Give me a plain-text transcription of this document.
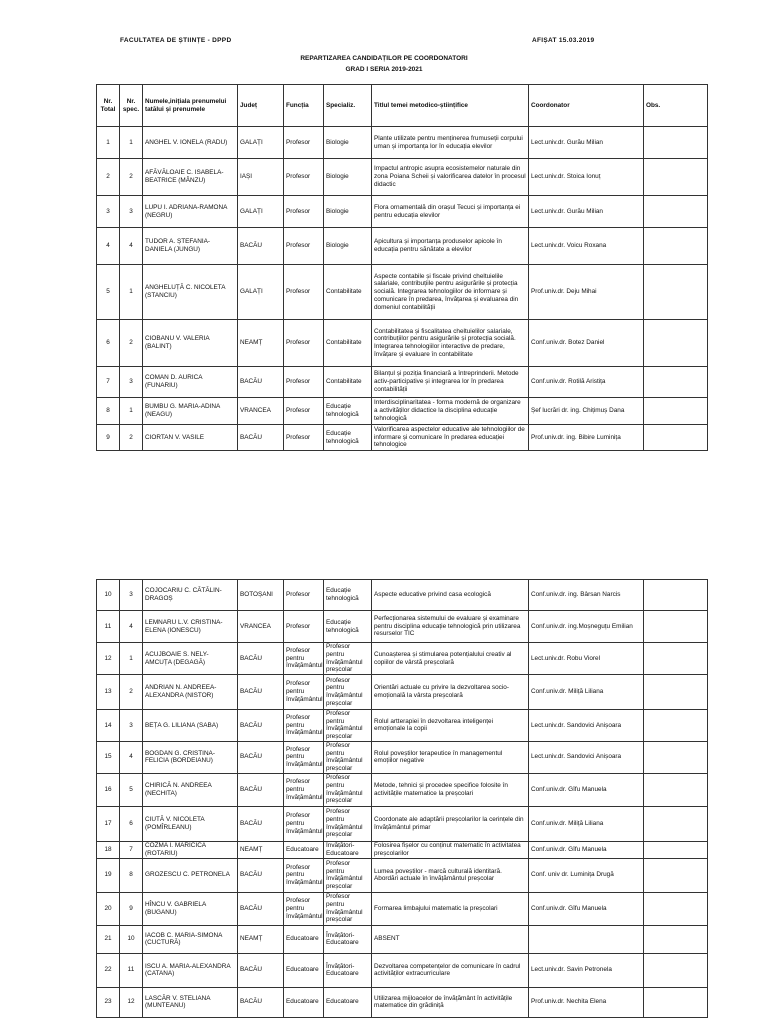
FACULTATEA DE ȘTIINȚE - DPPD	AFIȘAT 15.03.2019
REPARTIZAREA CANDIDAȚILOR PE COORDONATORI
GRAD I SERIA 2019-2021
Nr. Total	Nr. spec.	Numele,inițiala prenumelui tatălui și prenumele	Județ	Funcția	Specializ.	Titlul temei metodico-științifice	Coordonator	Obs.
1	1	ANGHEL V. IONELA (RADU)	GALAȚI	Profesor	Biologie	Plante utilizate pentru menținerea frumuseții corpului uman și importanța lor în educația elevilor	Lect.univ.dr. Gurău Milian	
2	2	AFĂVĂLOAIE C. ISABELA-BEATRICE (MÂNZU)	IAȘI	Profesor	Biologie	Impactul antropic asupra ecosistemelor naturale din zona Poiana Scheii și valorificarea datelor în procesul didactic	Lect.univ.dr. Stoica Ionuț	
3	3	LUPU I. ADRIANA-RAMONA (NEGRU)	GALAȚI	Profesor	Biologie	Flora ornamentală din orașul Tecuci și importanța ei pentru educația elevilor	Lect.univ.dr. Gurău Milian	
4	4	TUDOR A. ȘTEFANIA-DANIELA (JUNGU)	BACĂU	Profesor	Biologie	Apicultura și importanța produselor apicole în educația pentru sănătate a elevilor	Lect.univ.dr. Voicu Roxana	
5	1	ANGHELUȚĂ C. NICOLETA (STANCIU)	GALAȚI	Profesor	Contabilitate	Aspecte contabile și fiscale privind cheltuielile salariale, contribuțiile pentru asigurările și protecția socială. Integrarea tehnologiilor de informare și comunicare în predarea, învățarea și evaluarea din domeniul contabilității	Prof.univ.dr. Deju Mihai	
6	2	CIOBANU V. VALERIA (BALINT)	NEAMȚ	Profesor	Contabilitate	Contabilitatea și fiscalitatea cheltuielilor salariale, contribuțiilor pentru asigurările și protecția socială. Integrarea tehnologiilor interactive de predare, învățare și evaluare în contabilitate	Conf.univ.dr. Botez Daniel	
7	3	COMAN D. AURICA (FUNARIU)	BACĂU	Profesor	Contabilitate	Bilanțul și poziția financiară a întreprinderii. Metode activ-participative și integrarea lor în predarea contabilității	Conf.univ.dr. Rotilă Aristița	
8	1	BUMBU G. MARIA-ADINA (NEAGU)	VRANCEA	Profesor	Educație tehnologică	Interdisciplinaritatea - forma modernă de organizare a activităților didactice la disciplina educație tehnologică	Șef lucrări dr. ing. Chițimuș Dana	
9	2	CIORTAN V. VASILE	BACĂU	Profesor	Educație tehnologică	Valorificarea aspectelor educative ale tehnologiilor de informare și comunicare în predarea educației tehnologice	Prof.univ.dr. ing. Bibire Luminița	
10	3	COJOCARIU C. CĂTĂLIN-DRAGOȘ	BOTOȘANI	Profesor	Educație tehnologică	Aspecte educative privind casa ecologică	Conf.univ.dr. ing. Bârsan Narcis	
11	4	LEMNARU L.V. CRISTINA-ELENA (IONESCU)	VRANCEA	Profesor	Educație tehnologică	Perfecționarea sistemului de evaluare și examinare pentru disciplina educație tehnologică prin utilizarea resurselor TIC	Conf.univ.dr. ing.Moșneguțu Emilian	
12	1	ACUJBOAIE S. NELY-AMCUȚA (DEGAGĂ)	BACĂU	Profesor pentru învățământul	Profesor pentru învățământul preșcolar	Cunoașterea și stimularea potențialului creativ al copiilor de vârstă preșcolară	Lect.univ.dr. Robu Viorel	
13	2	ANDRIAN N. ANDREEA-ALEXANDRA (NISTOR)	BACĂU	Profesor pentru învățământul	Profesor pentru învățământul preșcolar	Orientări actuale cu privire la dezvoltarea socio-emoțională la vârsta preșcolară	Conf.univ.dr. Miliță Liliana	
14	3	BEȚA G. LILIANA (SABA)	BACĂU	Profesor pentru învățământul	Profesor pentru învățământul preșcolar	Rolul artterapiei în dezvoltarea inteligenței emoționale la copii	Lect.univ.dr. Sandovici Anișoara	
15	4	BOGDAN G. CRISTINA-FELICIA (BORDEIANU)	BACĂU	Profesor pentru învățământul	Profesor pentru învățământul preșcolar	Rolul poveștilor terapeutice în managementul emoțiilor negative	Lect.univ.dr. Sandovici Anișoara	
16	5	CHIRICĂ N. ANDREEA (NECHITA)	BACĂU	Profesor pentru învățământul	Profesor pentru învățământul preșcolar	Metode, tehnici și procedee specifice folosite în activitățile matematice la preșcolari	Conf.univ.dr. Gîfu Manuela	
17	6	CIUTĂ V. NICOLETA (POMÎRLEANU)	BACĂU	Profesor pentru învățământul	Profesor pentru învățământul preșcolar	Coordonate ale adaptării preșcolarilor la cerințele din învățământul primar	Conf.univ.dr. Miliță Liliana	
18	7	COZMA I. MARICICA (ROTARIU)	NEAMȚ	Educatoare	Învățători-Educatoare	Folosirea fișelor cu conținut matematic în activitatea preșcolarilor	Conf.univ.dr. Gîfu Manuela	
19	8	GROZESCU C. PETRONELA	BACĂU	Profesor pentru învățământul	Profesor pentru învățământul preșcolar	Lumea poveștilor - marcă culturală identitară. Abordări actuale în învățământul preșcolar	Conf. univ dr. Luminița Drugă	
20	9	HÎNCU V. GABRIELA (BUGANU)	BACĂU	Profesor pentru învățământul	Profesor pentru învățământul preșcolar	Formarea limbajului matematic la preșcolari	Conf.univ.dr. Gîfu Manuela	
21	10	IACOB C. MARIA-SIMONA (CUCTURĂ)	NEAMȚ	Educatoare	Învățători-Educatoare	ABSENT		
22	11	ISCU A. MARIA-ALEXANDRA (CATANA)	BACĂU	Educatoare	Învățători-Educatoare	Dezvoltarea competențelor de comunicare în cadrul activităților extracurriculare	Lect.univ.dr. Savin Petronela	
23	12	LASCĂR V. STELIANA (MUNTEANU)	BACĂU	Educatoare	Educatoare	Utilizarea mijloacelor de învățământ în activitățile matematice din grădiniță	Prof.univ.dr. Nechita Elena	
